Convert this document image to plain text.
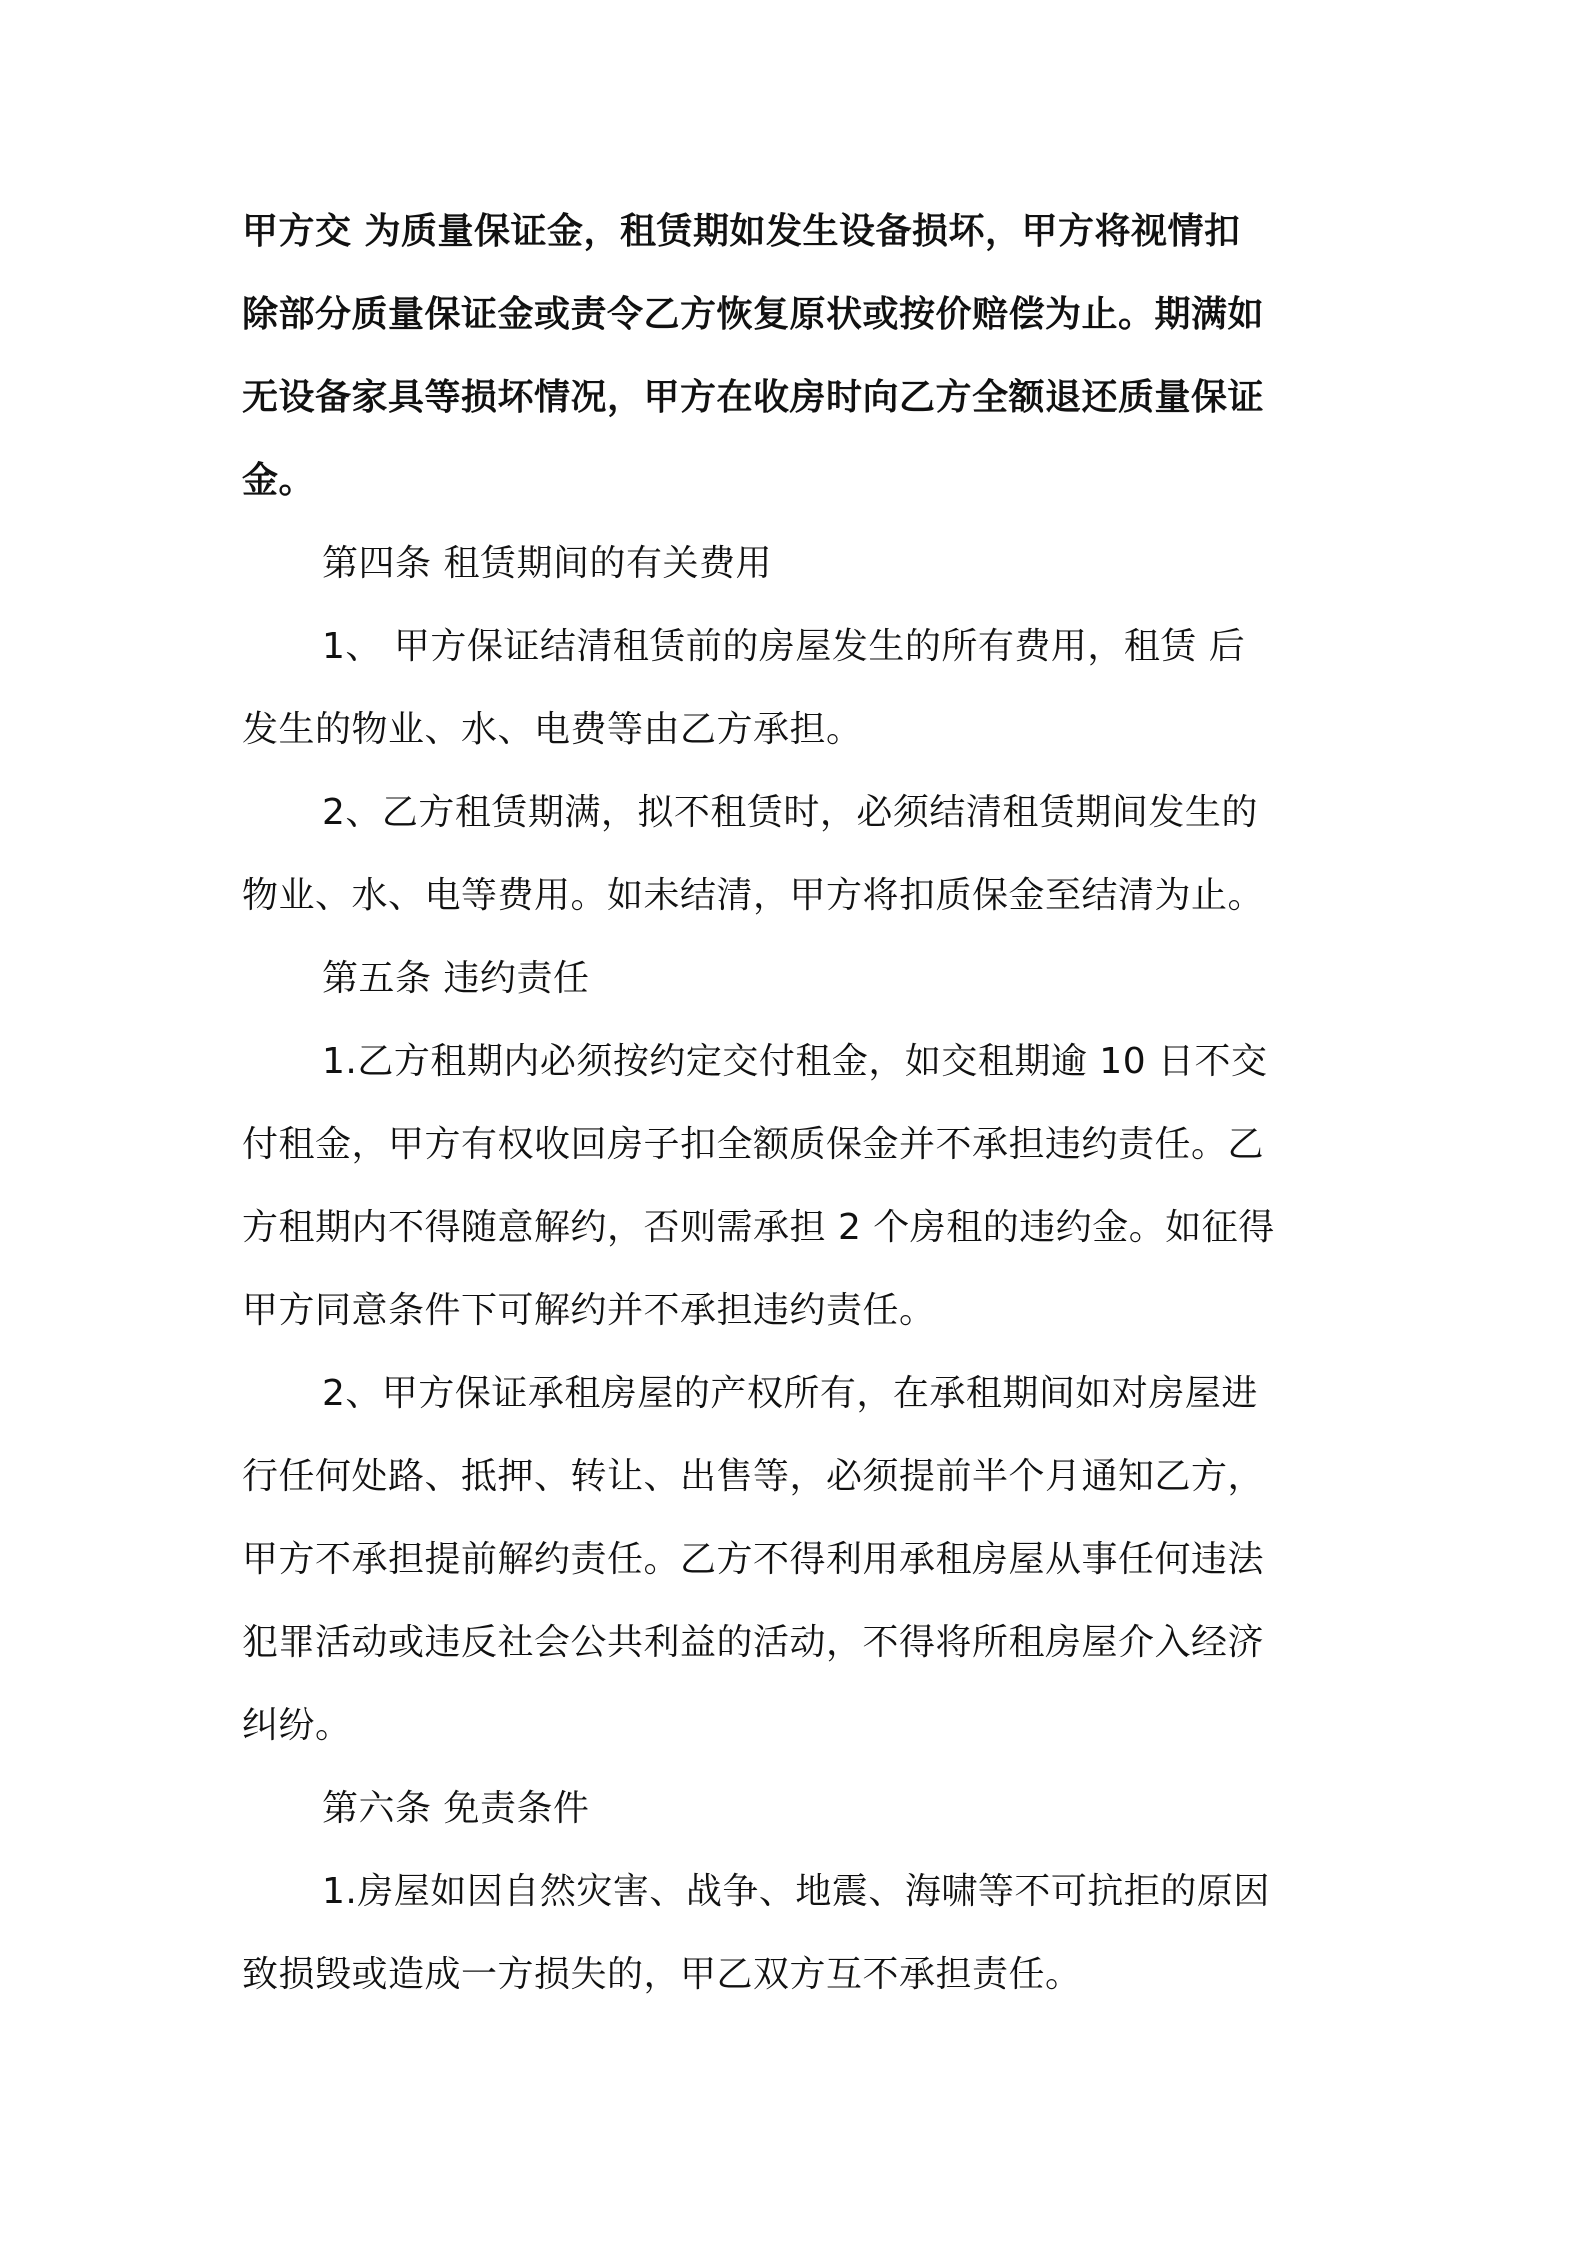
甲方交 为质量保证金，租赁期如发生设备损坏，甲方将视情扣
除部分质量保证金或责令乙方恢复原状或按价赔偿为止。期满如
无设备家具等损坏情况，甲方在收房时向乙方全额退还质量保证
金。
第四条 租赁期间的有关费用
1、 甲方保证结清租赁前的房屋发生的所有费用，租赁 后
发生的物业、水、电费等由乙方承担。
2、乙方租赁期满，拟不租赁时，必须结清租赁期间发生的
物业、水、电等费用。如未结清，甲方将扣质保金至结清为止。
第五条 违约责任
1.乙方租期内必须按约定交付租金，如交租期逾 10 日不交
付租金，甲方有权收回房子扣全额质保金并不承担违约责任。乙
方租期内不得随意解约，否则需承担 2 个房租的违约金。如征得
甲方同意条件下可解约并不承担违约责任。
2、甲方保证承租房屋的产权所有，在承租期间如对房屋进
行任何处路、抵押、转让、出售等，必须提前半个月通知乙方，
甲方不承担提前解约责任。乙方不得利用承租房屋从事任何违法
犯罪活动或违反社会公共利益的活动，不得将所租房屋介入经济
纠纷。
第六条 免责条件
1.房屋如因自然灾害、战争、地震、海啸等不可抗拒的原因
致损毁或造成一方损失的，甲乙双方互不承担责任。
